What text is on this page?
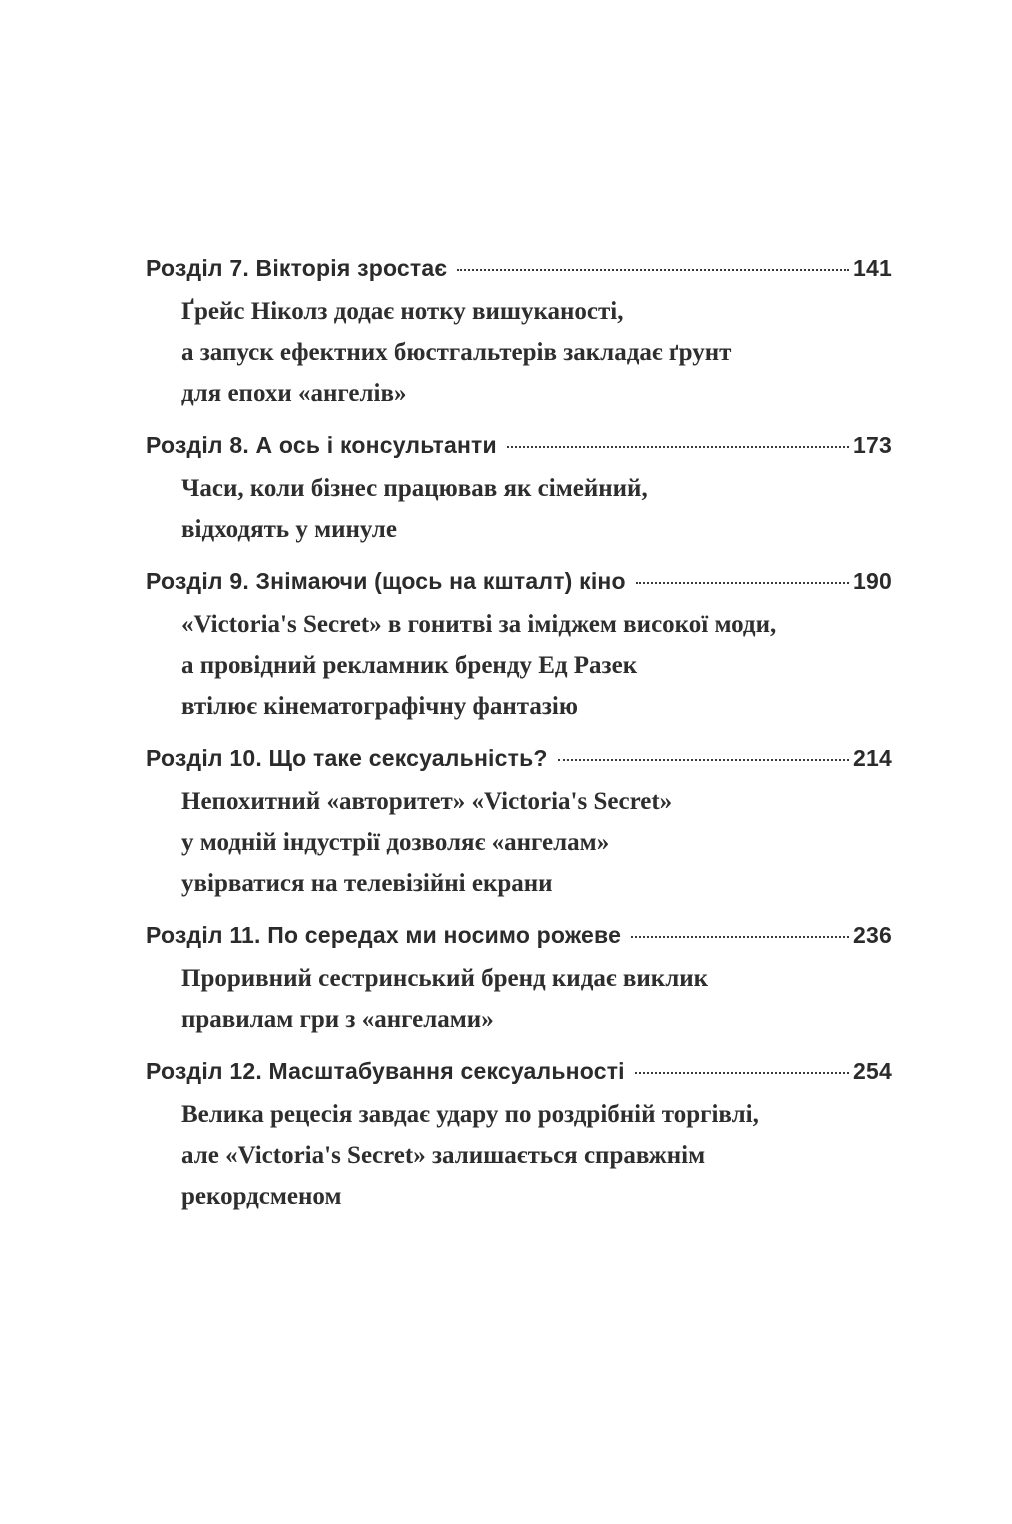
Розділ 7. Вікторія зростає	141
Ґрейс Ніколз додає нотку вишуканості,
а запуск ефектних бюстгальтерів закладає ґрунт
для епохи «ангелів»
Розділ 8. А ось і консультанти	173
Часи, коли бізнес працював як сімейний,
відходять у минуле
Розділ 9. Знімаючи (щось на кшталт) кіно	190
«Victoria's Secret» в гонитві за іміджем високої моди,
а провідний рекламник бренду Ед Разек
втілює кінематографічну фантазію
Розділ 10. Що таке сексуальність?	214
Непохитний «авторитет» «Victoria's Secret»
у модній індустрії дозволяє «ангелам»
увірватися на телевізійні екрани
Розділ 11. По середах ми носимо рожеве	236
Проривний сестринський бренд кидає виклик
правилам гри з «ангелами»
Розділ 12. Масштабування сексуальності	254
Велика рецесія завдає удару по роздрібній торгівлі,
але «Victoria's Secret» залишається справжнім
рекордсменом
